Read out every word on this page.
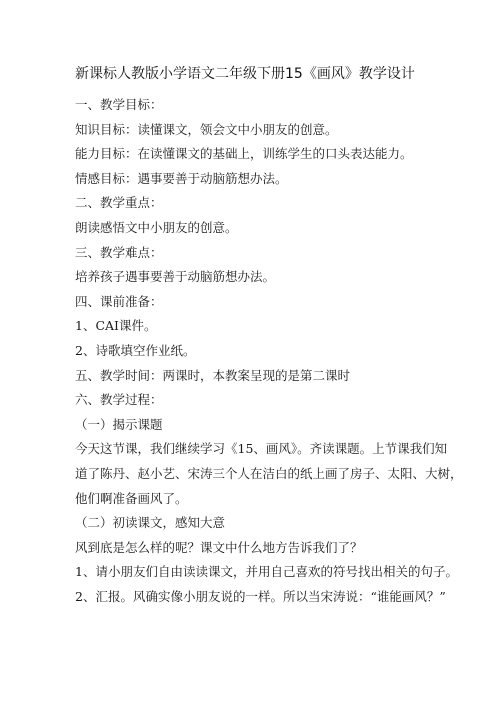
新课标人教版小学语文二年级下册15《画风》教学设计
一、教学目标：
知识目标：读懂课文，领会文中小朋友的创意。
能力目标：在读懂课文的基础上，训练学生的口头表达能力。
情感目标：遇事要善于动脑筋想办法。
二、教学重点：
朗读感悟文中小朋友的创意。
三、教学难点：
培养孩子遇事要善于动脑筋想办法。
四、课前准备：
1、CAI课件。
2、诗歌填空作业纸。
五、教学时间：两课时，本教案呈现的是第二课时
六、教学过程：
（一）揭示课题
今天这节课，我们继续学习《15、画风》。齐读课题。上节课我们知
道了陈丹、赵小艺、宋涛三个人在洁白的纸上画了房子、太阳、大树，
他们啊准备画风了。
（二）初读课文，感知大意
风到底是怎么样的呢？课文中什么地方告诉我们了？
1、请小朋友们自由读读课文，并用自己喜欢的符号找出相关的句子。
2、汇报。风确实像小朋友说的一样。所以当宋涛说：“谁能画风？”
